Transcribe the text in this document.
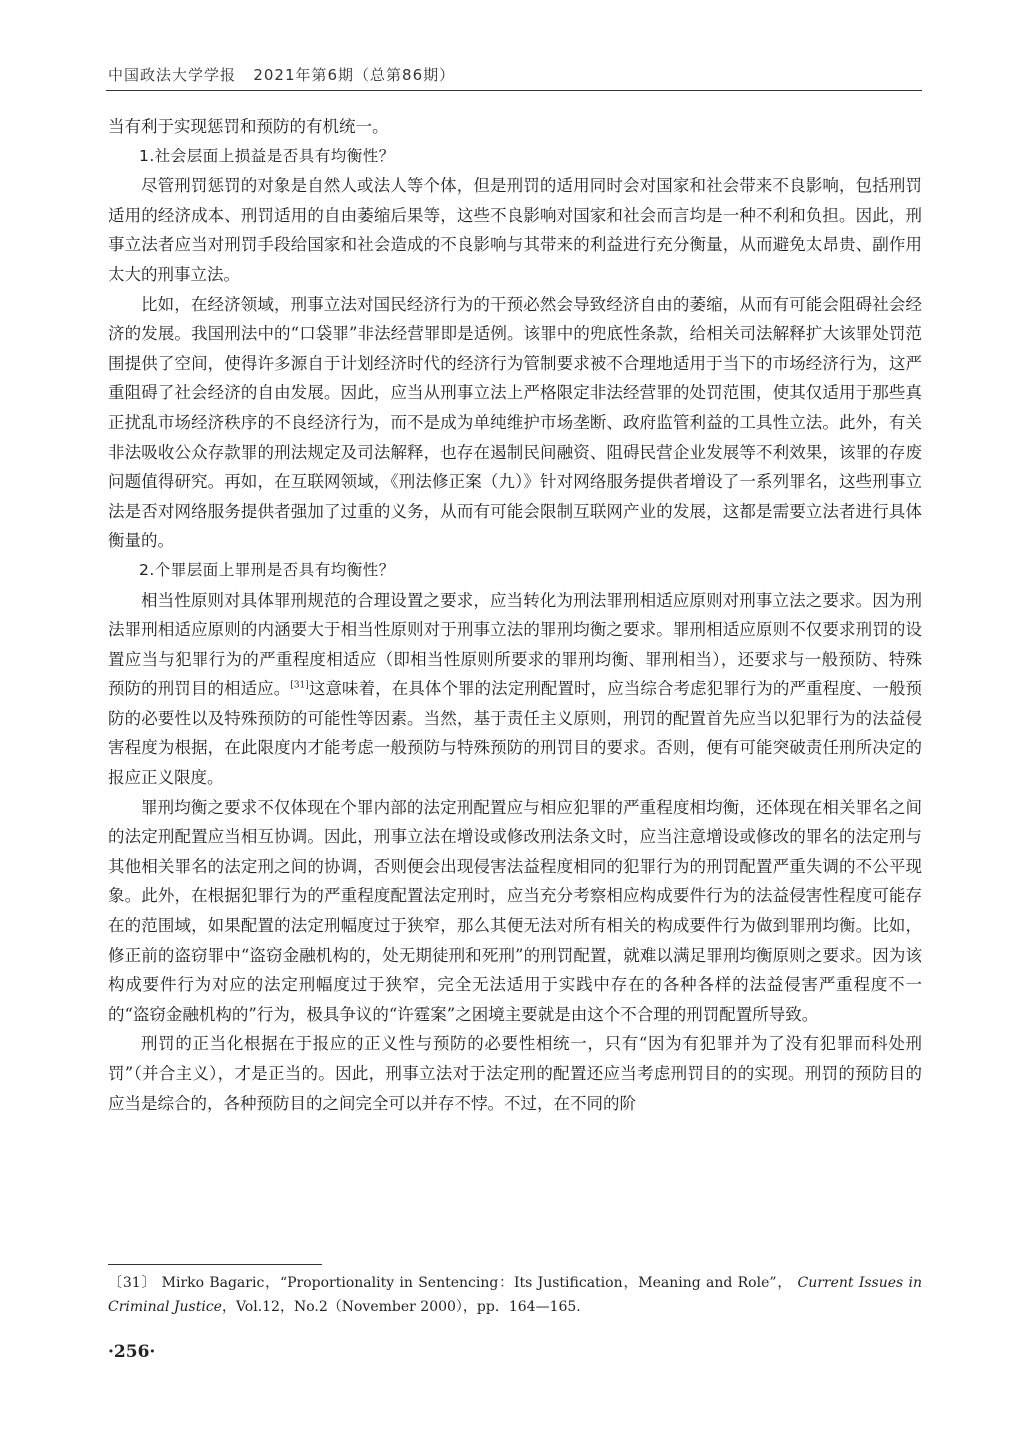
中国政法大学学报 2021年第6期（总第86期）

当有利于实现惩罚和预防的有机统一。

1.社会层面上损益是否具有均衡性？

尽管刑罚惩罚的对象是自然人或法人等个体，但是刑罚的适用同时会对国家和社会带来不良影响，包括刑罚适用的经济成本、刑罚适用的自由萎缩后果等，这些不良影响对国家和社会而言均是一种不利和负担。因此，刑事立法者应当对刑罚手段给国家和社会造成的不良影响与其带来的利益进行充分衡量，从而避免太昂贵、副作用太大的刑事立法。

比如，在经济领域，刑事立法对国民经济行为的干预必然会导致经济自由的萎缩，从而有可能会阻碍社会经济的发展。我国刑法中的“口袋罪”非法经营罪即是适例。该罪中的兜底性条款，给相关司法解释扩大该罪处罚范围提供了空间，使得许多源自于计划经济时代的经济行为管制要求被不合理地适用于当下的市场经济行为，这严重阻碍了社会经济的自由发展。因此，应当从刑事立法上严格限定非法经营罪的处罚范围，使其仅适用于那些真正扰乱市场经济秩序的不良经济行为，而不是成为单纯维护市场垄断、政府监管利益的工具性立法。此外，有关非法吸收公众存款罪的刑法规定及司法解释，也存在遏制民间融资、阻碍民营企业发展等不利效果，该罪的存废问题值得研究。再如，在互联网领域，《刑法修正案（九）》针对网络服务提供者增设了一系列罪名，这些刑事立法是否对网络服务提供者强加了过重的义务，从而有可能会限制互联网产业的发展，这都是需要立法者进行具体衡量的。

2.个罪层面上罪刑是否具有均衡性？

相当性原则对具体罪刑规范的合理设置之要求，应当转化为刑法罪刑相适应原则对刑事立法之要求。因为刑法罪刑相适应原则的内涵要大于相当性原则对于刑事立法的罪刑均衡之要求。罪刑相适应原则不仅要求刑罚的设置应当与犯罪行为的严重程度相适应（即相当性原则所要求的罪刑均衡、罪刑相当），还要求与一般预防、特殊预防的刑罚目的相适应。[31]这意味着，在具体个罪的法定刑配置时，应当综合考虑犯罪行为的严重程度、一般预防的必要性以及特殊预防的可能性等因素。当然，基于责任主义原则，刑罚的配置首先应当以犯罪行为的法益侵害程度为根据，在此限度内才能考虑一般预防与特殊预防的刑罚目的要求。否则，便有可能突破责任刑所决定的报应正义限度。

罪刑均衡之要求不仅体现在个罪内部的法定刑配置应与相应犯罪的严重程度相均衡，还体现在相关罪名之间的法定刑配置应当相互协调。因此，刑事立法在增设或修改刑法条文时，应当注意增设或修改的罪名的法定刑与其他相关罪名的法定刑之间的协调，否则便会出现侵害法益程度相同的犯罪行为的刑罚配置严重失调的不公平现象。此外，在根据犯罪行为的严重程度配置法定刑时，应当充分考察相应构成要件行为的法益侵害性程度可能存在的范围域，如果配置的法定刑幅度过于狭窄，那么其便无法对所有相关的构成要件行为做到罪刑均衡。比如，修正前的盗窃罪中“盗窃金融机构的，处无期徒刑和死刑”的刑罚配置，就难以满足罪刑均衡原则之要求。因为该构成要件行为对应的法定刑幅度过于狭窄，完全无法适用于实践中存在的各种各样的法益侵害严重程度不一的“盗窃金融机构的”行为，极具争议的“许霆案”之困境主要就是由这个不合理的刑罚配置所导致。

刑罚的正当化根据在于报应的正义性与预防的必要性相统一，只有“因为有犯罪并为了没有犯罪而科处刑罚”（并合主义），才是正当的。因此，刑事立法对于法定刑的配置还应当考虑刑罚目的的实现。刑罚的预防目的应当是综合的，各种预防目的之间完全可以并存不悖。不过，在不同的阶

〔31〕 Mirko Bagaric，“Proportionality in Sentencing：Its Justification，Meaning and Role”， Current Issues in Criminal Justice，Vol.12，No.2（November 2000），pp．164—165.
·256·
